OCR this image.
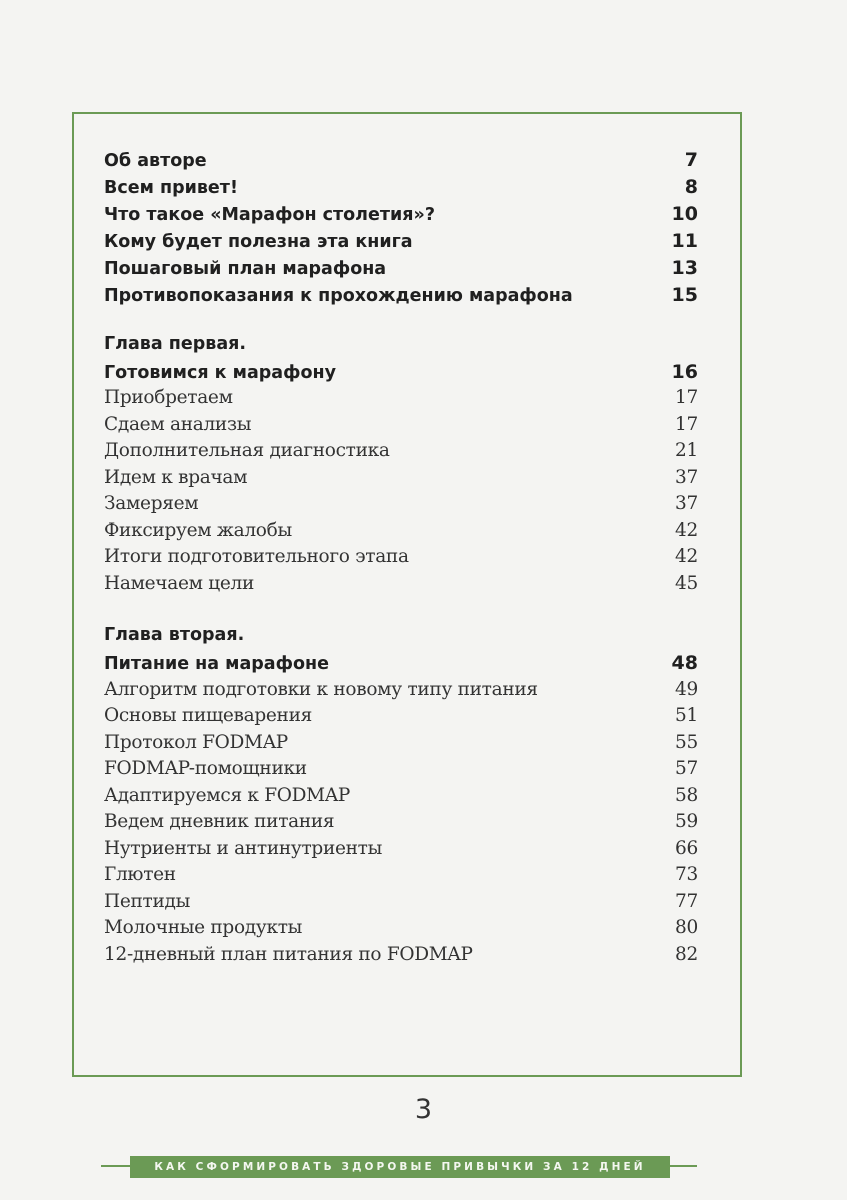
Об авторе	7
Всем привет!	8
Что такое «Марафон столетия»?	10
Кому будет полезна эта книга	11
Пошаговый план марафона	13
Противопоказания к прохождению марафона	15
Глава первая.
Готовимся к марафону	16
Приобретаем	17
Сдаем анализы	17
Дополнительная диагностика	21
Идем к врачам	37
Замеряем	37
Фиксируем жалобы	42
Итоги подготовительного этапа	42
Намечаем цели	45
Глава вторая.
Питание на марафоне	48
Алгоритм подготовки к новому типу питания	49
Основы пищеварения	51
Протокол FODMAP	55
FODMAP-помощники	57
Адаптируемся к FODMAP	58
Ведем дневник питания	59
Нутриенты и антинутриенты	66
Глютен	73
Пептиды	77
Молочные продукты	80
12-дневный план питания по FODMAP	82
3
КАК СФОРМИРОВАТЬ ЗДОРОВЫЕ ПРИВЫЧКИ ЗА 12 ДНЕЙ
